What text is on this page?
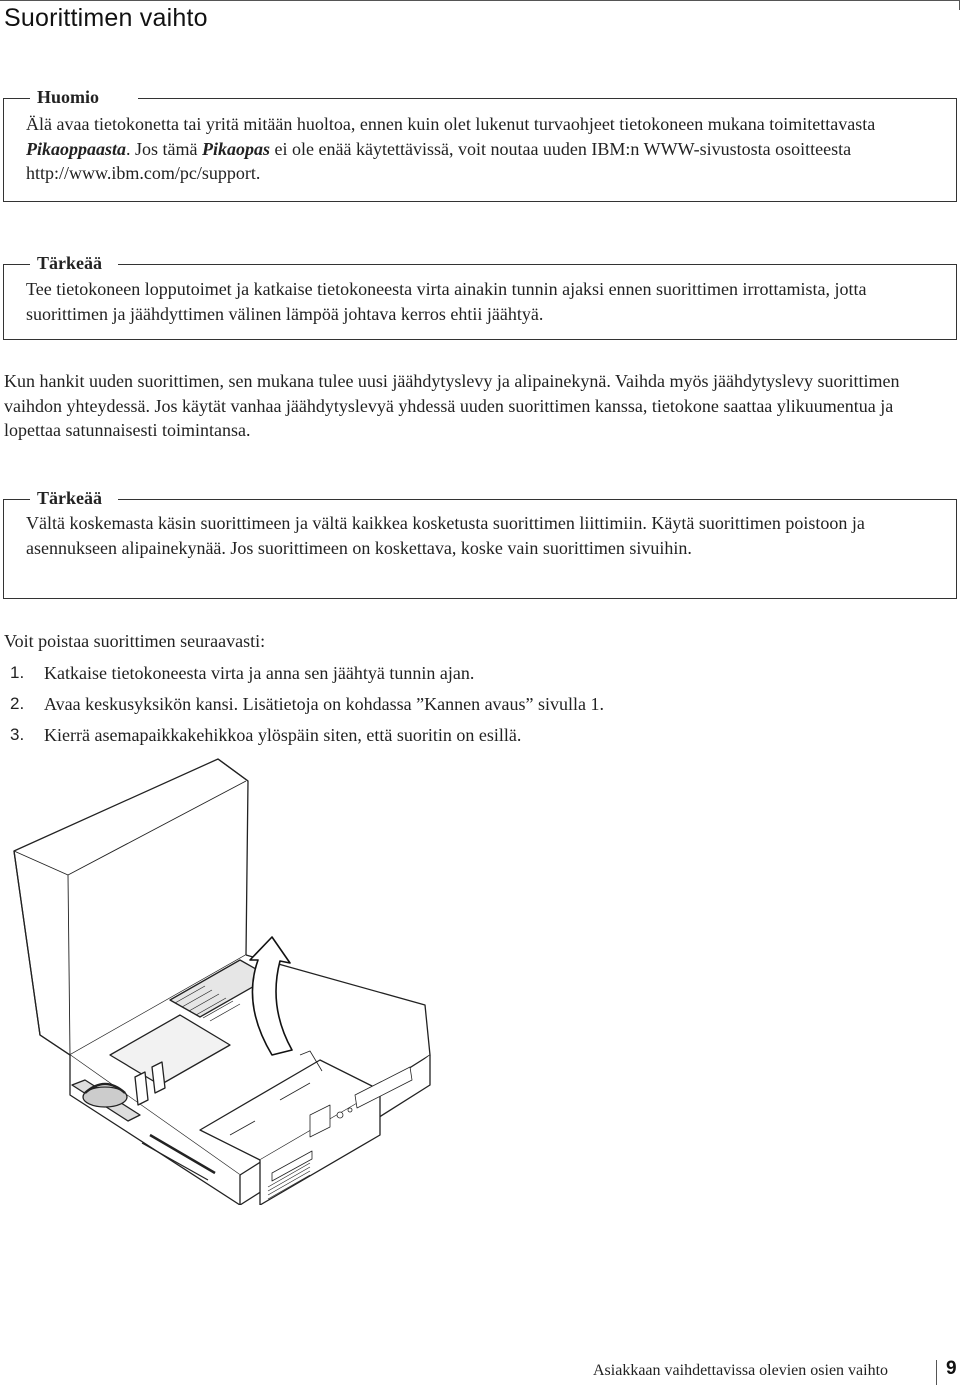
Suorittimen vaihto
Huomio
Älä avaa tietokonetta tai yritä mitään huoltoa, ennen kuin olet lukenut turvaohjeet tietokoneen mukana toimitettavasta Pikaoppaasta. Jos tämä Pikaopas ei ole enää käytettävissä, voit noutaa uuden IBM:n WWW-sivustosta osoitteesta http://www.ibm.com/pc/support.
Tärkeää
Tee tietokoneen lopputoimet ja katkaise tietokoneesta virta ainakin tunnin ajaksi ennen suorittimen irrottamista, jotta suorittimen ja jäähdyttimen välinen lämpöä johtava kerros ehtii jäähtyä.

Kun hankit uuden suorittimen, sen mukana tulee uusi jäähdytyslevy ja alipainekynä. Vaihda myös jäähdytyslevy suorittimen vaihdon yhteydessä. Jos käytät vanhaa jäähdytyslevyä yhdessä uuden suorittimen kanssa, tietokone saattaa ylikuumentua ja lopettaa satunnaisesti toimintansa.

Tärkeää
Vältä koskemasta käsin suorittimeen ja vältä kaikkea kosketusta suorittimen liittimiin. Käytä suorittimen poistoon ja asennukseen alipainekynää. Jos suorittimeen on koskettava, koske vain suorittimen sivuihin.

Voit poistaa suorittimen seuraavasti:

1.	Katkaise tietokoneesta virta ja anna sen jäähtyä tunnin ajan.
2.	Avaa keskusyksikön kansi. Lisätietoja on kohdassa ”Kannen avaus” sivulla 1.
3.	Kierrä asemapaikkakehikkoa ylöspäin siten, että suoritin on esillä.
Asiakkaan vaihdettavissa olevien osien vaihto	9
